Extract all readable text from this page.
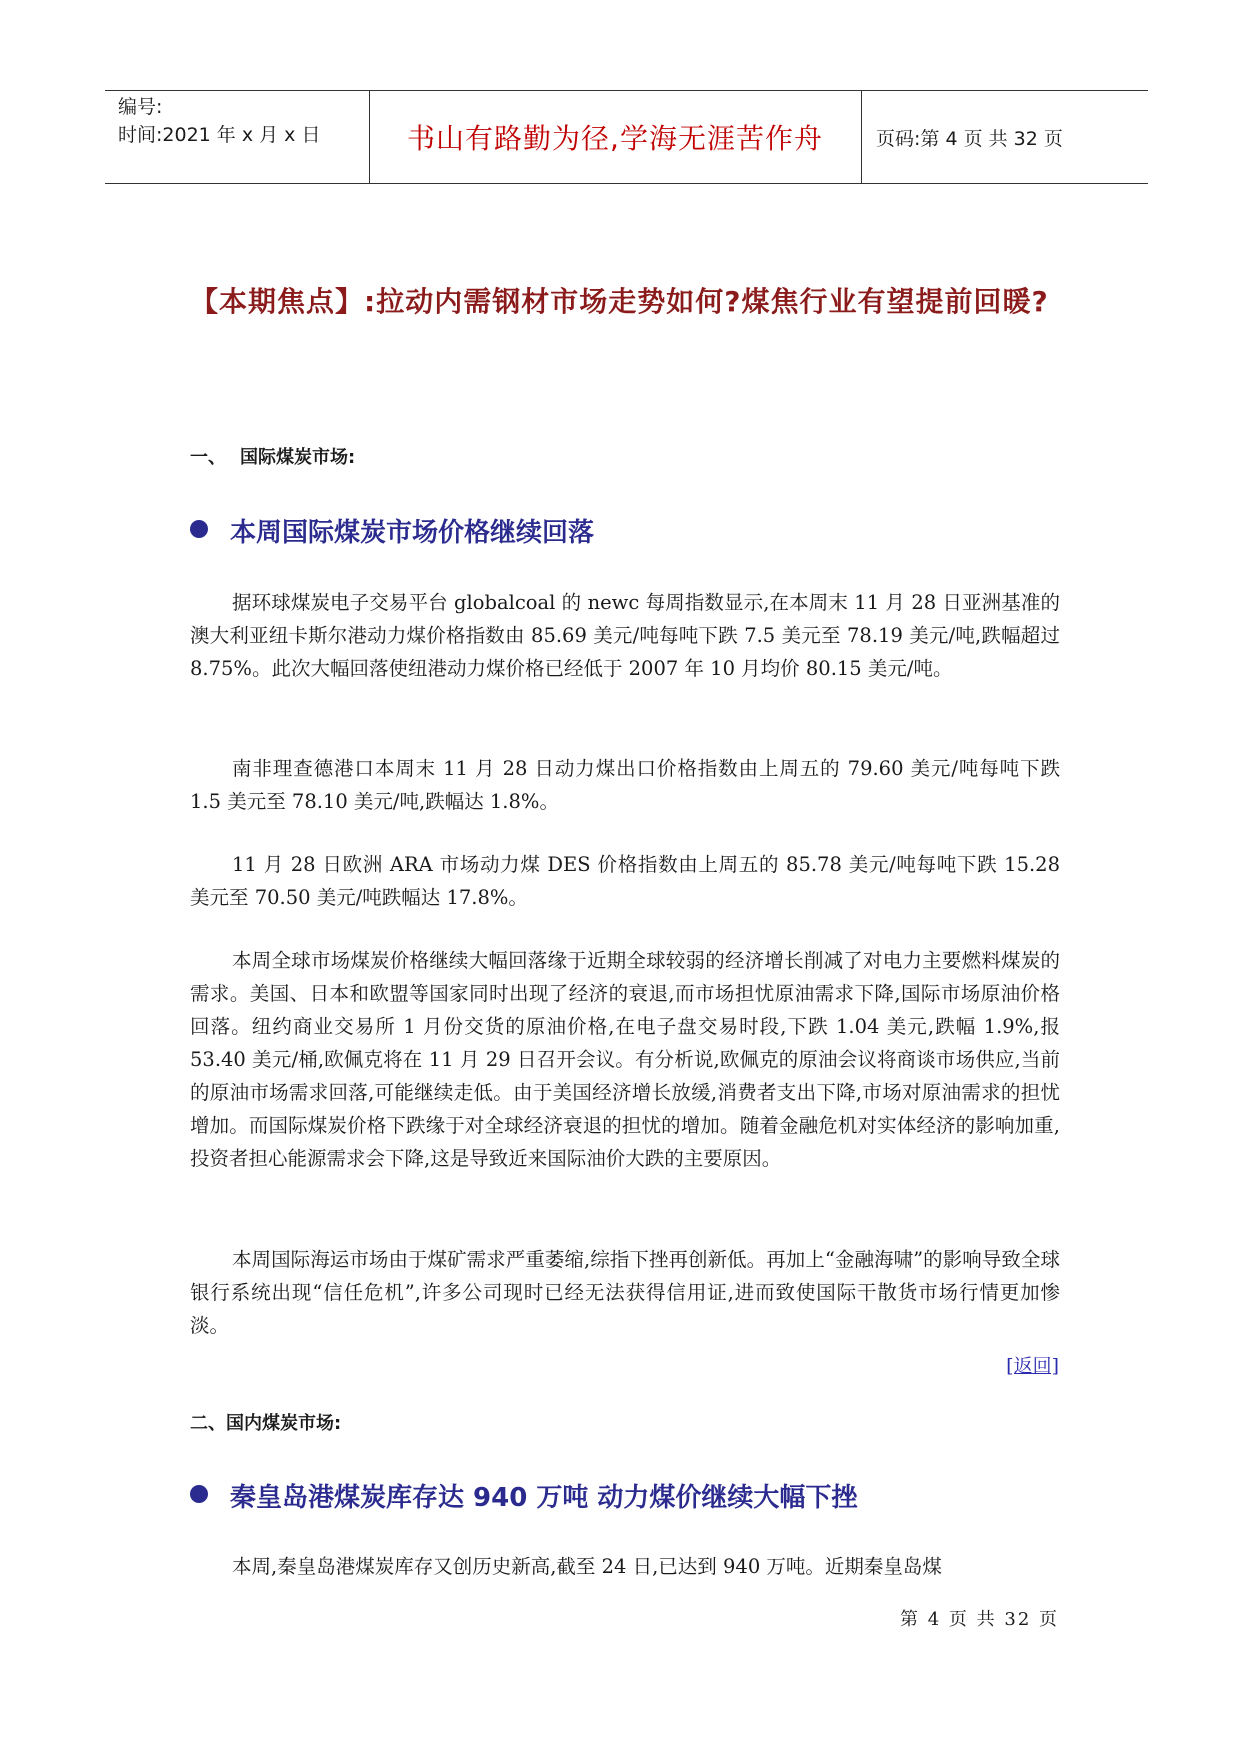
编号:
时间:2021 年 x 月 x 日	书山有路勤为径,学海无涯苦作舟	页码:第 4 页 共 32 页
【本期焦点】:拉动内需钢材市场走势如何?煤焦行业有望提前回暖?
一、 国际煤炭市场:
本周国际煤炭市场价格继续回落
据环球煤炭电子交易平台 globalcoal 的 newc 每周指数显示,在本周末 11 月 28 日亚洲基准的澳大利亚纽卡斯尔港动力煤价格指数由 85.69 美元/吨每吨下跌 7.5 美元至 78.19 美元/吨,跌幅超过 8.75%。此次大幅回落使纽港动力煤价格已经低于 2007 年 10 月均价 80.15 美元/吨。
南非理查德港口本周末 11 月 28 日动力煤出口价格指数由上周五的 79.60 美元/吨每吨下跌 1.5 美元至 78.10 美元/吨,跌幅达 1.8%。
11 月 28 日欧洲 ARA 市场动力煤 DES 价格指数由上周五的 85.78 美元/吨每吨下跌 15.28 美元至 70.50 美元/吨跌幅达 17.8%。
本周全球市场煤炭价格继续大幅回落缘于近期全球较弱的经济增长削减了对电力主要燃料煤炭的需求。美国、日本和欧盟等国家同时出现了经济的衰退,而市场担忧原油需求下降,国际市场原油价格回落。纽约商业交易所 1 月份交货的原油价格,在电子盘交易时段,下跌 1.04 美元,跌幅 1.9%,报 53.40 美元/桶,欧佩克将在 11 月 29 日召开会议。有分析说,欧佩克的原油会议将商谈市场供应,当前的原油市场需求回落,可能继续走低。由于美国经济增长放缓,消费者支出下降,市场对原油需求的担忧增加。而国际煤炭价格下跌缘于对全球经济衰退的担忧的增加。随着金融危机对实体经济的影响加重,投资者担心能源需求会下降,这是导致近来国际油价大跌的主要原因。
本周国际海运市场由于煤矿需求严重萎缩,综指下挫再创新低。再加上“金融海啸”的影响导致全球银行系统出现“信任危机”,许多公司现时已经无法获得信用证,进而致使国际干散货市场行情更加惨淡。
[返回]
二、国内煤炭市场:
秦皇岛港煤炭库存达 940 万吨 动力煤价继续大幅下挫
本周,秦皇岛港煤炭库存又创历史新高,截至 24 日,已达到 940 万吨。近期秦皇岛煤
第 4 页 共 32 页
